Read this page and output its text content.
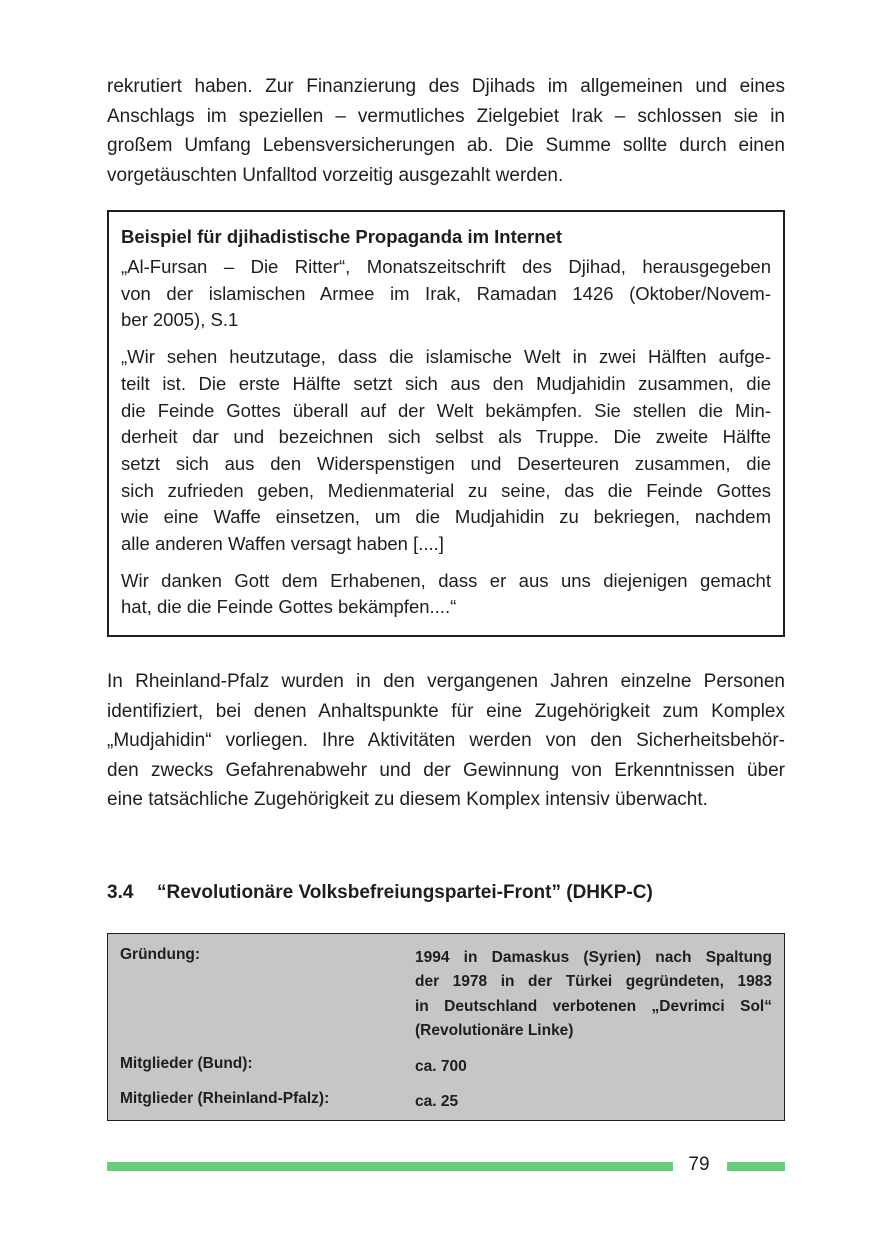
rekrutiert haben. Zur Finanzierung des Djihads im allgemeinen und eines
Anschlags im speziellen – vermutliches Zielgebiet Irak – schlossen sie in
großem Umfang Lebensversicherungen ab. Die Summe sollte durch einen
vorgetäuschten Unfalltod vorzeitig ausgezahlt werden.

Beispiel für djihadistische Propaganda im Internet

„Al-Fursan – Die Ritter“, Monatszeitschrift des Djihad, herausgegeben
von der islamischen Armee im Irak, Ramadan 1426 (Oktober/Novem-
ber 2005), S.1

„Wir sehen heutzutage, dass die islamische Welt in zwei Hälften aufge-
teilt ist. Die erste Hälfte setzt sich aus den Mudjahidin zusammen, die
die Feinde Gottes überall auf der Welt bekämpfen. Sie stellen die Min-
derheit dar und bezeichnen sich selbst als Truppe. Die zweite Hälfte
setzt sich aus den Widerspenstigen und Deserteuren zusammen, die
sich zufrieden geben, Medienmaterial zu seine, das die Feinde Gottes
wie eine Waffe einsetzen, um die Mudjahidin zu bekriegen, nachdem
alle anderen Waffen versagt haben [....]

Wir danken Gott dem Erhabenen, dass er aus uns diejenigen gemacht
hat, die die Feinde Gottes bekämpfen....“

In Rheinland-Pfalz wurden in den vergangenen Jahren einzelne Personen
identifiziert, bei denen Anhaltspunkte für eine Zugehörigkeit zum Komplex
„Mudjahidin“ vorliegen. Ihre Aktivitäten werden von den Sicherheitsbehör-
den zwecks Gefahrenabwehr und der Gewinnung von Erkenntnissen über
eine tatsächliche Zugehörigkeit zu diesem Komplex intensiv überwacht.

3.4 “Revolutionäre Volksbefreiungspartei-Front” (DHKP-C)
Gründung:	1994 in Damaskus (Syrien) nach Spaltung
der 1978 in der Türkei gegründeten, 1983
in Deutschland verbotenen „Devrimci Sol“
(Revolutionäre Linke)
Mitglieder (Bund):	ca. 700
Mitglieder (Rheinland-Pfalz):	ca. 25
79
